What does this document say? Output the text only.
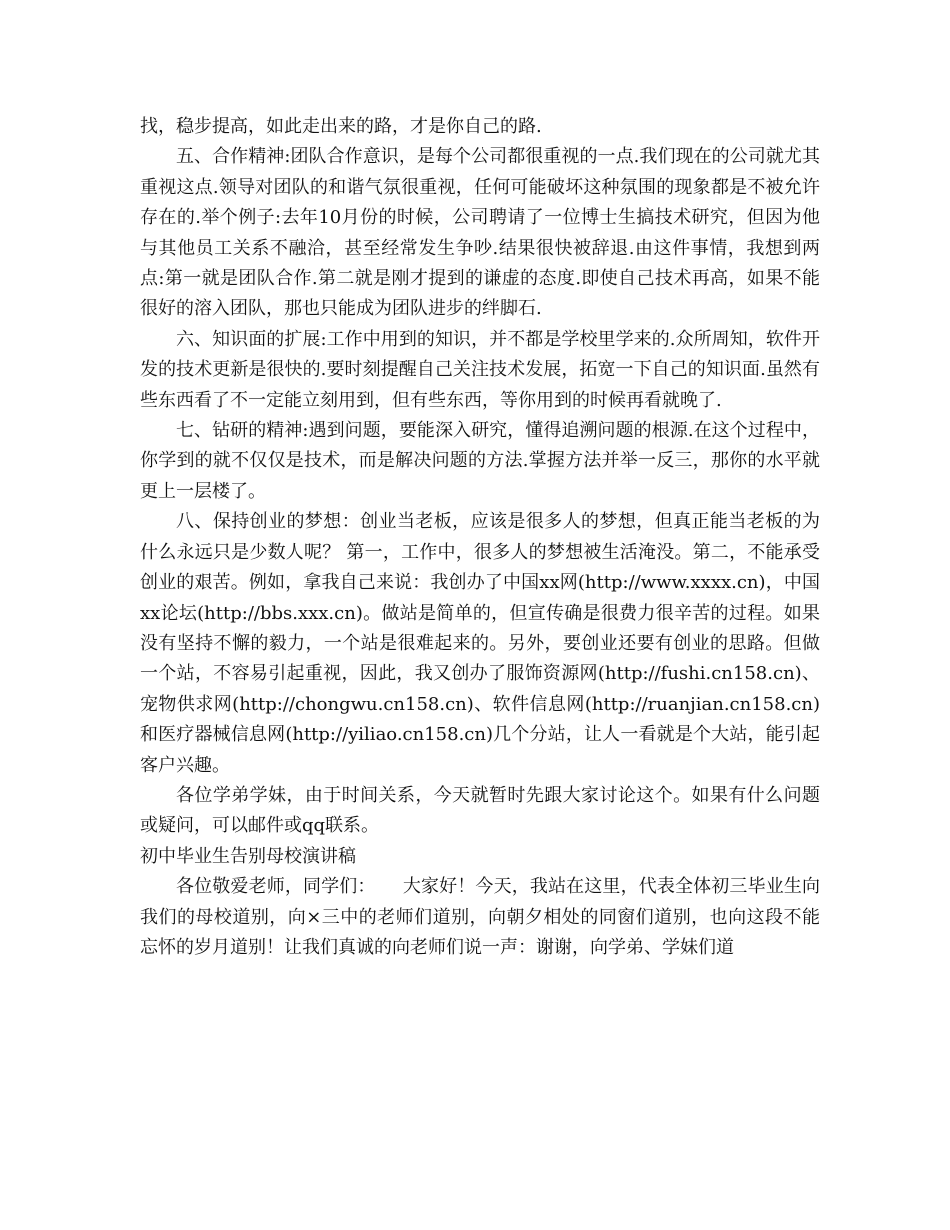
找，稳步提高，如此走出来的路，才是你自己的路.

五、合作精神:团队合作意识，是每个公司都很重视的一点.我们现在的公司就尤其重视这点.领导对团队的和谐气氛很重视，任何可能破坏这种氛围的现象都是不被允许存在的.举个例子:去年10月份的时候，公司聘请了一位博士生搞技术研究，但因为他与其他员工关系不融洽，甚至经常发生争吵.结果很快被辞退.由这件事情，我想到两点:第一就是团队合作.第二就是刚才提到的谦虚的态度.即使自己技术再高，如果不能很好的溶入团队，那也只能成为团队进步的绊脚石.

六、知识面的扩展:工作中用到的知识，并不都是学校里学来的.众所周知，软件开发的技术更新是很快的.要时刻提醒自己关注技术发展，拓宽一下自己的知识面.虽然有些东西看了不一定能立刻用到，但有些东西，等你用到的时候再看就晚了.

七、钻研的精神:遇到问题，要能深入研究，懂得追溯问题的根源.在这个过程中，你学到的就不仅仅是技术，而是解决问题的方法.掌握方法并举一反三，那你的水平就更上一层楼了。

八、保持创业的梦想：创业当老板，应该是很多人的梦想，但真正能当老板的为什么永远只是少数人呢？ 第一，工作中，很多人的梦想被生活淹没。第二，不能承受创业的艰苦。例如，拿我自己来说：我创办了中国xx网(http://www.xxxx.cn)，中国xx论坛(http://bbs.xxx.cn)。做站是简单的，但宣传确是很费力很辛苦的过程。如果没有坚持不懈的毅力，一个站是很难起来的。另外，要创业还要有创业的思路。但做一个站，不容易引起重视，因此，我又创办了服饰资源网(http://fushi.cn158.cn)、宠物供求网(http://chongwu.cn158.cn)、软件信息网(http://ruanjian.cn158.cn)和医疗器械信息网(http://yiliao.cn158.cn)几个分站，让人一看就是个大站，能引起客户兴趣。

各位学弟学妹，由于时间关系，今天就暂时先跟大家讨论这个。如果有什么问题或疑问，可以邮件或qq联系。

初中毕业生告别母校演讲稿

各位敬爱老师，同学们：　　大家好！今天，我站在这里，代表全体初三毕业生向我们的母校道别，向×三中的老师们道别，向朝夕相处的同窗们道别，也向这段不能忘怀的岁月道别！让我们真诚的向老师们说一声：谢谢，向学弟、学妹们道
